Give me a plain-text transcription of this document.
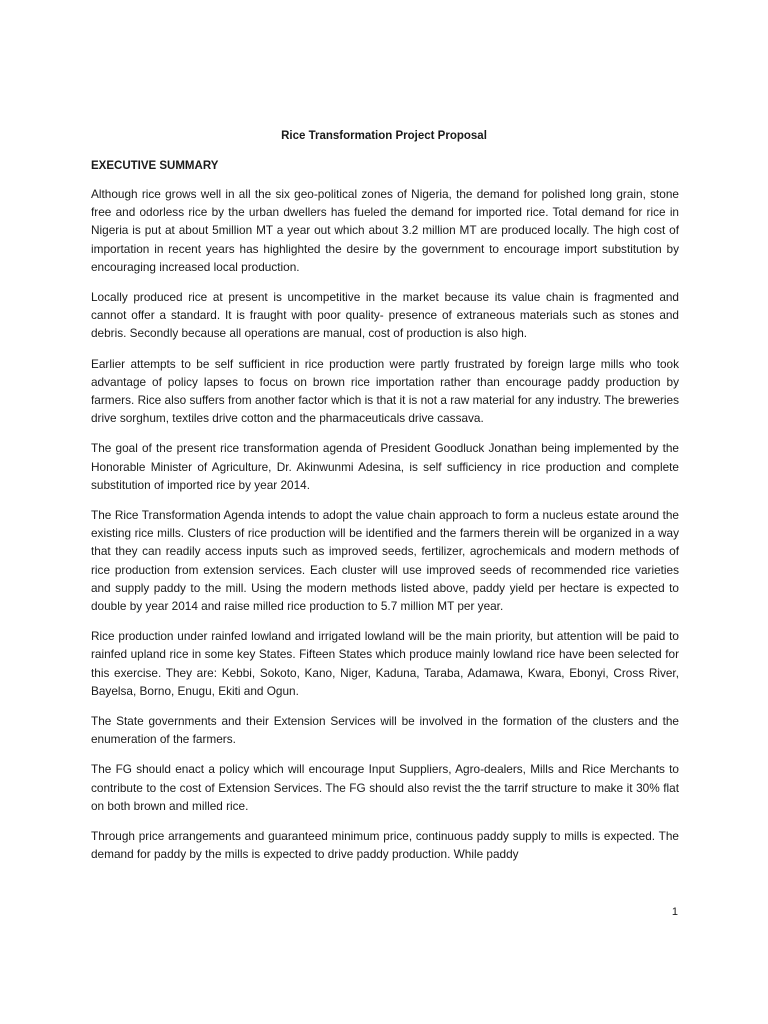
Rice Transformation Project Proposal
EXECUTIVE SUMMARY

Although rice grows well in all the six geo-political zones of Nigeria, the demand for polished long grain, stone free and odorless rice by the urban dwellers has fueled the demand for imported rice. Total demand for rice in Nigeria is put at about 5million MT a year out which about 3.2 million MT are produced locally. The high cost of importation in recent years has highlighted the desire by the government to encourage import substitution by encouraging increased local production.

Locally produced rice at present is uncompetitive in the market because its value chain is fragmented and cannot offer a standard. It is fraught with poor quality- presence of extraneous materials such as stones and debris. Secondly because all operations are manual, cost of production is also high.

Earlier attempts to be self sufficient in rice production were partly frustrated by foreign large mills who took advantage of policy lapses to focus on brown rice importation rather than encourage paddy production by farmers. Rice also suffers from another factor which is that it is not a raw material for any industry. The breweries drive sorghum, textiles drive cotton and the pharmaceuticals drive cassava.

The goal of the present rice transformation agenda of President Goodluck Jonathan being implemented by the Honorable Minister of Agriculture, Dr. Akinwunmi Adesina, is self sufficiency in rice production and complete substitution of imported rice by year 2014.

The Rice Transformation Agenda intends to adopt the value chain approach to form a nucleus estate around the existing rice mills. Clusters of rice production will be identified and the farmers therein will be organized in a way that they can readily access inputs such as improved seeds, fertilizer, agrochemicals and modern methods of rice production from extension services. Each cluster will use improved seeds of recommended rice varieties and supply paddy to the mill. Using the modern methods listed above, paddy yield per hectare is expected to double by year 2014 and raise milled rice production to 5.7 million MT per year.

Rice production under rainfed lowland and irrigated lowland will be the main priority, but attention will be paid to rainfed upland rice in some key States. Fifteen States which produce mainly lowland rice have been selected for this exercise. They are: Kebbi, Sokoto, Kano, Niger, Kaduna, Taraba, Adamawa, Kwara, Ebonyi, Cross River, Bayelsa, Borno, Enugu, Ekiti and Ogun.

The State governments and their Extension Services will be involved in the formation of the clusters and the enumeration of the farmers.

The FG should enact a policy which will encourage Input Suppliers, Agro-dealers, Mills and Rice Merchants to contribute to the cost of Extension Services. The FG should also revist the the tarrif structure to make it 30% flat on both brown and milled rice.

Through price arrangements and guaranteed minimum price, continuous paddy supply to mills is expected. The demand for paddy by the mills is expected to drive paddy production. While paddy

1
